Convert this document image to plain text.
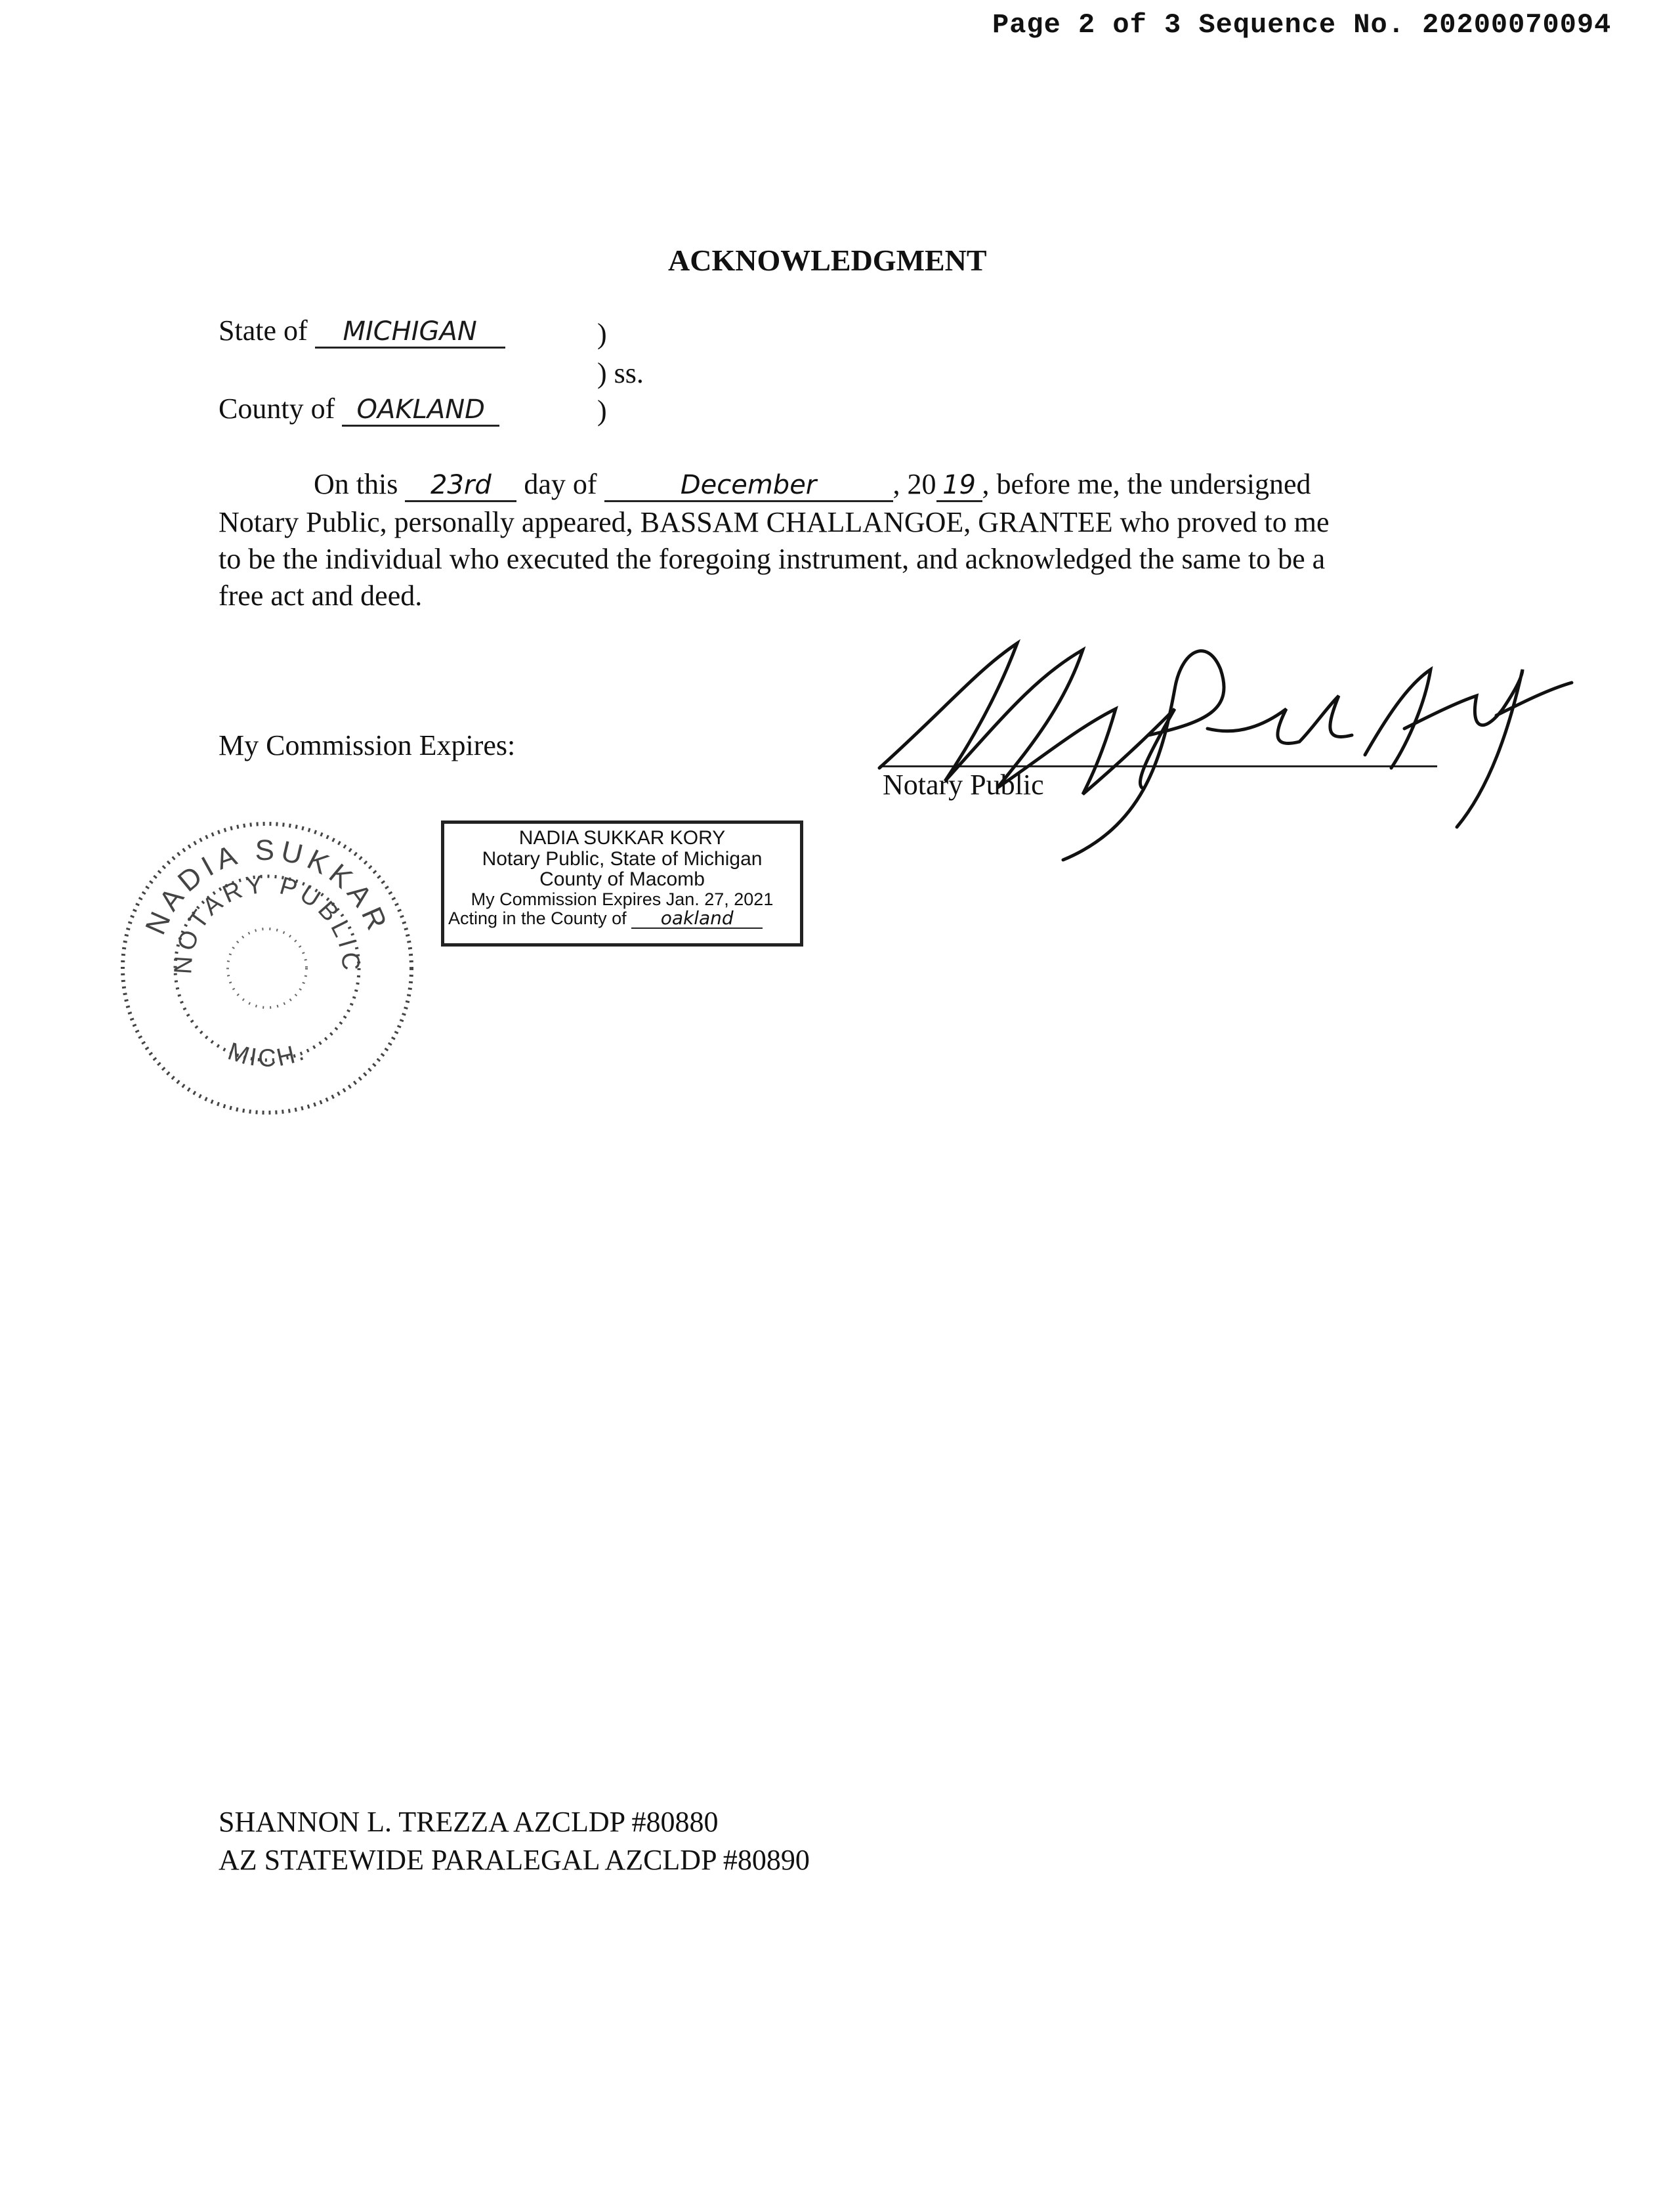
Page 2 of 3 Sequence No. 20200070094
ACKNOWLEDGMENT
State of MICHIGAN	)
) ss.
County of OAKLAND	)
On this 23rd day of	December	, 20 19 , before me, the undersigned
Notary Public, personally appeared, BASSAM CHALLANGOE, GRANTEE who proved to me
to be the individual who executed the foregoing instrument, and acknowledged the same to be a
free act and deed.
My Commission Expires:
Notary Public
NADIA SUKKAR
NOTARY PUBLIC
MICH.
NADIA SUKKAR KORY
Notary Public, State of Michigan
County of Macomb
My Commission Expires Jan. 27, 2021
Acting in the County of oakland
SHANNON L. TREZZA AZCLDP #80880
AZ STATEWIDE PARALEGAL AZCLDP #80890
